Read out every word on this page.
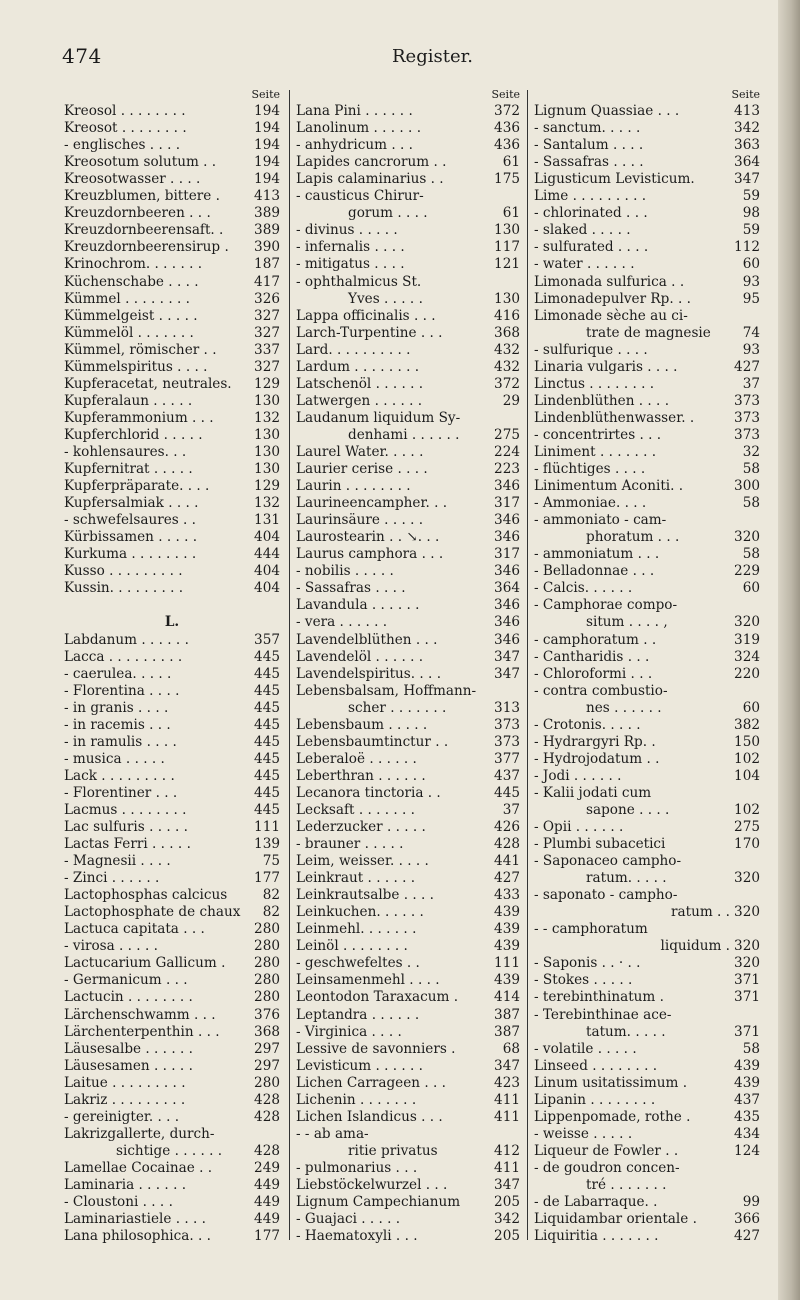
474	Register.
Seite
Kreosol . . . . . . . .	194
Kreosot . . . . . . . .	194
- englisches . . . .	194
Kreosotum solutum . .	194
Kreosotwasser . . . .	194
Kreuzblumen, bittere .	413
Kreuzdornbeeren . . .	389
Kreuzdornbeerensaft. . 389
Kreuzdornbeerensirup . 390
Krinochrom. . . . . . .	187
Küchenschabe . . . .	417
Kümmel . . . . . . . .	326
Kümmelgeist . . . . .	327
Kümmelöl . . . . . . .	327
Kümmel, römischer . .	337
Kümmelspiritus . . . .	327
Kupferacetat, neutrales. 129
Kupferalaun . . . . .	130
Kupferammonium . . .	132
Kupferchlorid . . . . .	130
- kohlensaures. . .	130
Kupfernitrat . . . . .	130
Kupferpräparate. . . .	129
Kupfersalmiak . . . .	132
- schwefelsaures . .	131
Kürbissamen . . . . .	404
Kurkuma . . . . . . . .	444
Kusso . . . . . . . . .	404
Kussin. . . . . . . . .	404
L.
Labdanum . . . . . .	357
Lacca . . . . . . . . .	445
- caerulea. . . . .	445
- Florentina . . . .	445
- in granis . . . .	445
- in racemis . . .	445
- in ramulis . . . .	445
- musica . . . . .	445
Lack . . . . . . . . .	445
- Florentiner . . .	445
Lacmus . . . . . . . .	445
Lac sulfuris . . . . .	111
Lactas Ferri . . . . .	139
- Magnesii . . . .	75
- Zinci . . . . . .	177
Lactophosphas calcicus	82
Lactophosphate de chaux 82
Lactuca capitata . . .	280
- virosa . . . . .	280
Lactucarium Gallicum . 280
- Germanicum . . .	280
Lactucin . . . . . . . .	280
Lärchenschwamm . . .	376
Lärchenterpenthin . . .	368
Läusesalbe . . . . . .	297
Läusesamen . . . . .	297
Laitue . . . . . . . . .	280
Lakriz . . . . . . . . .	428
- gereinigter. . . .	428
Lakrizgallerte, durch-
sichtige . . . . . . 428
Lamellae Cocainae . .	249
Laminaria . . . . . .	449
- Cloustoni . . . .	449
Laminariastiele . . . .	449
Lana philosophica. . .	177
Seite
Lana Pini . . . . . .	372
Lanolinum . . . . . .	436
- anhydricum . . .	436
Lapides cancrorum . .	61
Lapis calaminarius . .	175
- causticus Chirur-
gorum . . . .	61
- divinus . . . . .	130
- infernalis . . . .	117
- mitigatus . . . .	121
- ophthalmicus St.
Yves . . . . .	130
Lappa officinalis . . .	416
Larch-Turpentine . . .	368
Lard. . . . . . . . . .	432
Lardum . . . . . . . .	432
Latschenöl . . . . . .	372
Latwergen . . . . . .	29
Laudanum liquidum Sy-
denhami . . . . . .	275
Laurel Water. . . . .	224
Laurier cerise . . . .	223
Laurin . . . . . . . .	346
Laurineencampher. . .	317
Laurinsäure . . . . .	346
Laurostearin . . ↘. . .	346
Laurus camphora . . .	317
- nobilis . . . . .	346
- Sassafras . . . .	364
Lavandula . . . . . .	346
- vera . . . . . .	346
Lavendelblüthen . . .	346
Lavendelöl . . . . . .	347
Lavendelspiritus. . . .	347
Lebensbalsam, Hoffmann-
scher . . . . . . .	313
Lebensbaum . . . . .	373
Lebensbaumtinctur . .	373
Leberaloë . . . . . .	377
Leberthran . . . . . .	437
Lecanora tinctoria . .	445
Lecksaft . . . . . . .	37
Lederzucker . . . . .	426
- brauner . . . . .	428
Leim, weisser. . . . .	441
Leinkraut . . . . . .	427
Leinkrautsalbe . . . .	433
Leinkuchen. . . . . .	439
Leinmehl. . . . . . .	439
Leinöl . . . . . . . .	439
- geschwefeltes . .	111
Leinsamenmehl . . . .	439
Leontodon Taraxacum .	414
Leptandra . . . . . .	387
- Virginica . . . .	387
Lessive de savonniers .	68
Levisticum . . . . . .	347
Lichen Carrageen . . .	423
Lichenin . . . . . . .	411
Lichen Islandicus . . .	411
- - ab ama-
ritie privatus	412
- pulmonarius . . .	411
Liebstöckelwurzel . . .	347
Lignum Campechianum 205
- Guajaci . . . . .	342
- Haematoxyli . . .	205
Seite
Lignum Quassiae . . .	413
- sanctum. . . . .	342
- Santalum . . . .	363
- Sassafras . . . .	364
Ligusticum Levisticum.	347
Lime . . . . . . . . .	59
- chlorinated . . .	98
- slaked . . . . .	59
- sulfurated . . . .	112
- water . . . . . .	60
Limonada sulfurica . .	93
Limonadepulver Rp. . .	95
Limonade sèche au ci-
trate de magnesie 74
- sulfurique . . . .	93
Linaria vulgaris . . . .	427
Linctus . . . . . . . .	37
Lindenblüthen . . . .	373
Lindenblüthenwasser. .	373
- concentrirtes . . .	373
Liniment . . . . . . .	32
- flüchtiges . . . .	58
Linimentum Aconiti. .	300
- Ammoniae. . . .	58
- ammoniato - cam-
phoratum . . .	320
- ammoniatum . . .	58
- Belladonnae . . .	229
- Calcis. . . . . .	60
- Camphorae compo-
situm . . . . ,	320
- camphoratum . .	319
- Cantharidis . . .	324
- Chloroformi . . .	220
- contra combustio-
nes . . . . . .	60
- Crotonis. . . . .	382
- Hydrargyri Rp. .	150
- Hydrojodatum . .	102
- Jodi . . . . . .	104
- Kalii jodati cum
sapone . . . .	102
- Opii . . . . . .	275
- Plumbi subacetici	170
- Saponaceo campho-
ratum. . . . .	320
- saponato - campho-
ratum . . 320
- - camphoratum
liquidum . 320
- Saponis . . · . .	320
- Stokes . . . . .	371
- terebinthinatum .	371
- Terebinthinae ace-
tatum. . . . .	371
- volatile . . . . .	58
Linseed . . . . . . . .	439
Linum usitatissimum .	439
Lipanin . . . . . . . .	437
Lippenpomade, rothe .	435
- weisse . . . . .	434
Liqueur de Fowler . .	124
- de goudron concen-
tré . . . . . . .
- de Labarraque. .	99
Liquidambar orientale .	366
Liquiritia . . . . . . .	427
